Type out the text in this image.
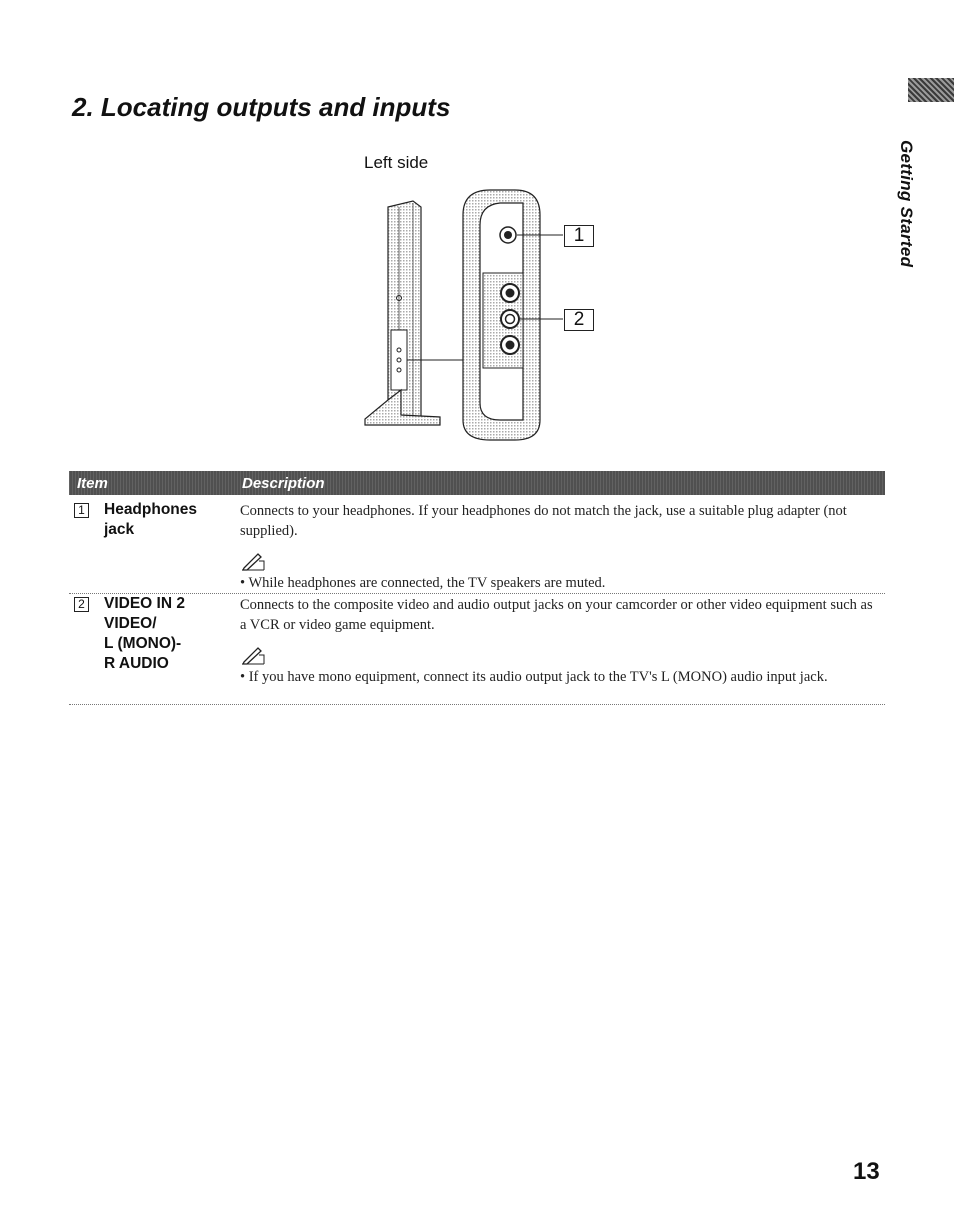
2. Locating outputs and inputs
Getting Started
Left side
1
2
Item	Description
1 Headphones
jack
Connects to your headphones. If your headphones do not match the jack, use a suitable plug adapter (not supplied).
• While headphones are connected, the TV speakers are muted.
2 VIDEO IN 2
VIDEO/
L (MONO)-
R AUDIO
Connects to the composite video and audio output jacks on your camcorder or other video equipment such as a VCR or video game equipment.
• If you have mono equipment, connect its audio output jack to the TV's L (MONO) audio input jack.
13
